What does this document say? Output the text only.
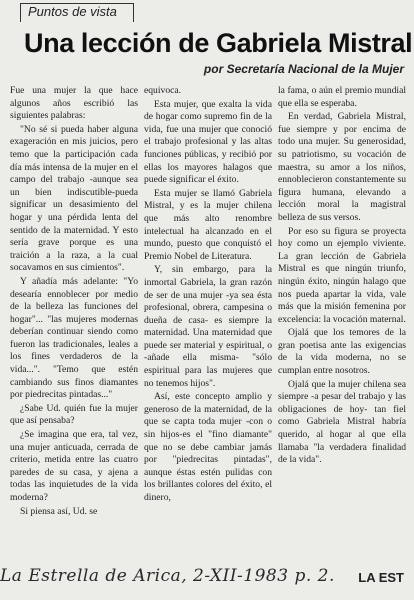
Puntos de vista
Una lección de Gabriela Mistral
por Secretaría Nacional de la Mujer

Fue una mujer la que hace algunos años escribió las siguientes palabras:

"No sé si pueda haber alguna exageración en mis juicios, pero temo que la participación cada día más intensa de la mujer en el campo del trabajo -aunque sea un bien indiscutible-pueda significar un desasimiento del hogar y una pérdida lenta del sentido de la maternidad. Y esto sería grave porque es una traición a la raza, a la cual socavamos en sus cimientos".

Y añadía más adelante: "Yo desearía ennoblecer por medio de la belleza las funciones del hogar"... "las mujeres modernas deberían continuar siendo como fueron las tradicionales, leales a los fines verdaderos de la vida...". "Temo que estén cambiando sus finos diamantes por piedrecitas pintadas..."

¿Sabe Ud. quién fue la mujer que así pensaba?

¿Se imagina que era, tal vez, una mujer anticuada, cerrada de criterio, metida entre las cuatro paredes de su casa, y ajena a todas las inquietudes de la vida moderna?

Si piensa así, Ud. se

equivoca.

Esta mujer, que exalta la vida de hogar como supremo fin de la vida, fue una mujer que conoció el trabajo profesional y las altas funciones públicas, y recibió por ellas los mayores halagos que puede significar el éxito.

Esta mujer se llamó Gabriela Mistral, y es la mujer chilena que más alto renombre intelectual ha alcanzado en el mundo, puesto que conquistó el Premio Nobel de Literatura.

Y, sin embargo, para la inmortal Gabriela, la gran razón de ser de una mujer -ya sea ésta profesional, obrera, campesina o dueña de casa- es siempre la maternidad. Una maternidad que puede ser material y espiritual, o -añade ella misma- "sólo espiritual para las mujeres que no tenemos hijos".

Así, este concepto amplio y generoso de la maternidad, de la que se capta toda mujer -con o sin hijos-es el "fino diamante" que no se debe cambiar jamás por "piedrecitas pintadas", aunque éstas estén pulidas con los brillantes colores del éxito, el dinero,

la fama, o aún el premio mundial que ella se esperaba.

En verdad, Gabriela Mistral, fue siempre y por encima de todo una mujer. Su generosidad, su patriotismo, su vocación de maestra, su amor a los niños, ennoblecieron constantemente su figura humana, elevando a lección moral la magistral belleza de sus versos.

Por eso su figura se proyecta hoy como un ejemplo viviente. La gran lección de Gabriela Mistral es que ningún triunfo, ningún éxito, ningún halago que nos pueda apartar la vida, vale más que la misión femenina por excelencia: la vocación maternal.

Ojalá que los temores de la gran poetisa ante las exigencias de la vida moderna, no se cumplan entre nosotros.

Ojalá que la mujer chilena sea siempre -a pesar del trabajo y las obligaciones de hoy- tan fiel como Gabriela Mistral habría querido, al hogar al que ella llamaba "la verdadera finalidad de la vida".

La Estrella de Arica, 2-XII-1983 p. 2. LA EST
